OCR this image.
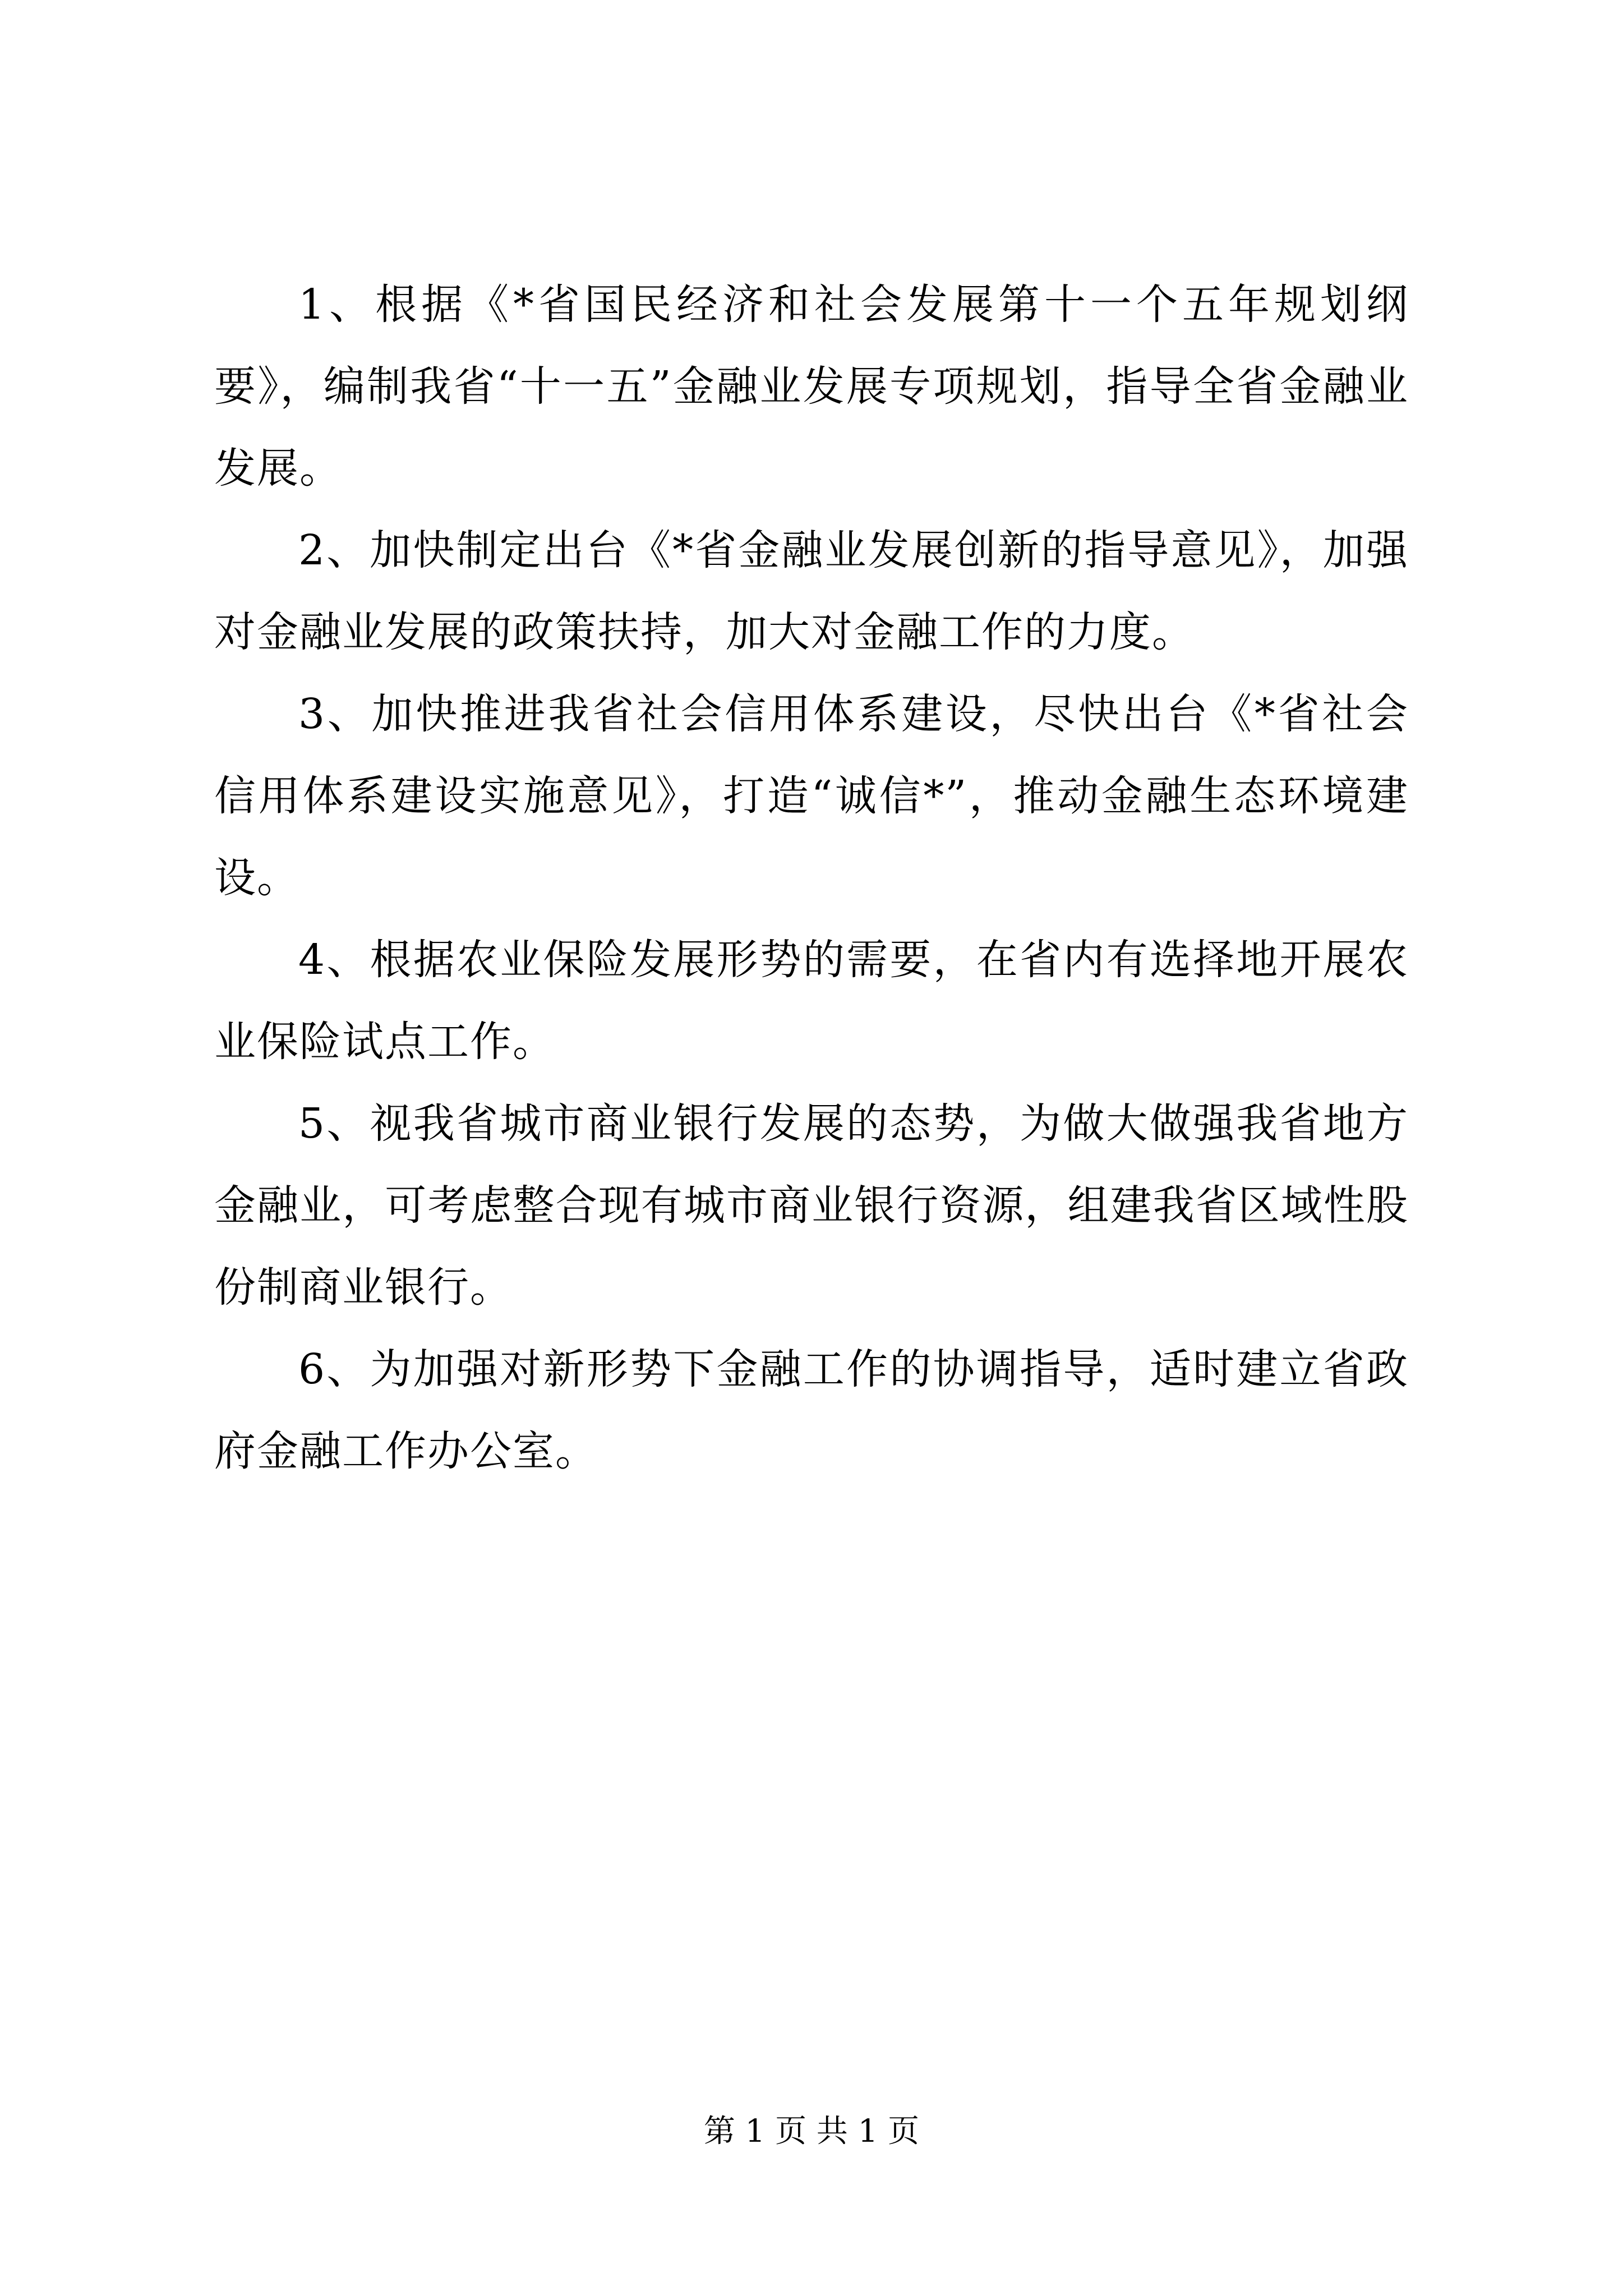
1、根据《*省国民经济和社会发展第十一个五年规划纲要》，编制我省“十一五”金融业发展专项规划，指导全省金融业发展。

2、加快制定出台《*省金融业发展创新的指导意见》，加强对金融业发展的政策扶持，加大对金融工作的力度。

3、加快推进我省社会信用体系建设，尽快出台《*省社会信用体系建设实施意见》，打造“诚信*”，推动金融生态环境建设。

4、根据农业保险发展形势的需要，在省内有选择地开展农业保险试点工作。

5、视我省城市商业银行发展的态势，为做大做强我省地方金融业，可考虑整合现有城市商业银行资源，组建我省区域性股份制商业银行。

6、为加强对新形势下金融工作的协调指导，适时建立省政府金融工作办公室。

第 1 页 共 1 页
